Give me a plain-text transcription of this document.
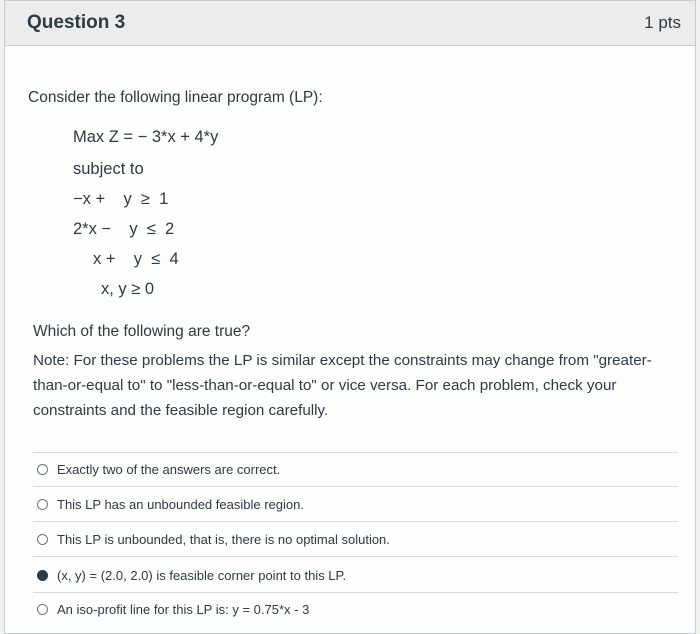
Question 3	1 pts
Consider the following linear program (LP):
Max Z = − 3*x + 4*y
subject to
−x +    y  ≥  1
2*x −    y  ≤  2
x +    y  ≤  4
x, y ≥ 0
Which of the following are true?
Note: For these problems the LP is similar except the constraints may change from "greater-than-or-equal to" to "less-than-or-equal to" or vice versa. For each problem, check your constraints and the feasible region carefully.
Exactly two of the answers are correct.
This LP has an unbounded feasible region.
This LP is unbounded, that is, there is no optimal solution.
(x, y) = (2.0, 2.0) is feasible corner point to this LP.
An iso-profit line for this LP is: y = 0.75*x - 3
